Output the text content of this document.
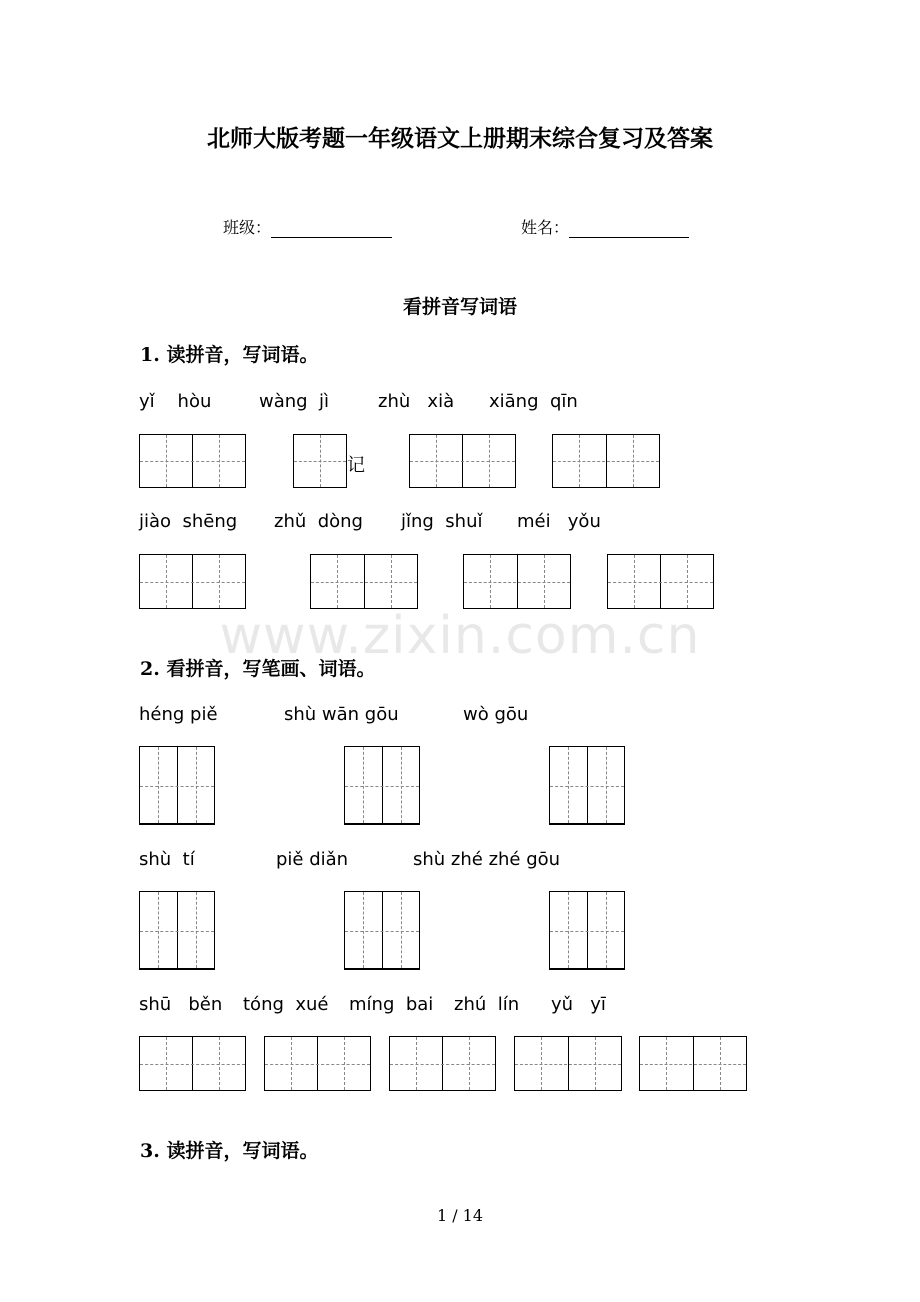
北师大版考题一年级语文上册期末综合复习及答案
班级：	姓名：
看拼音写词语
1. 读拼音，写词语。
yǐ    hòu	wàng  jì	zhù   xià xiāng  qīn
记
jiào  shēng zhǔ  dòng jǐng  shuǐ méi   yǒu
www.zixin.com.cn
2. 看拼音，写笔画、词语。
héng piě	shù wān gōu	wò gōu
shù  tí	piě diǎn	shù zhé zhé gōu
shū   běn tóng  xué míng  bai zhú  lín yǔ   yī
3. 读拼音，写词语。
1 / 14
